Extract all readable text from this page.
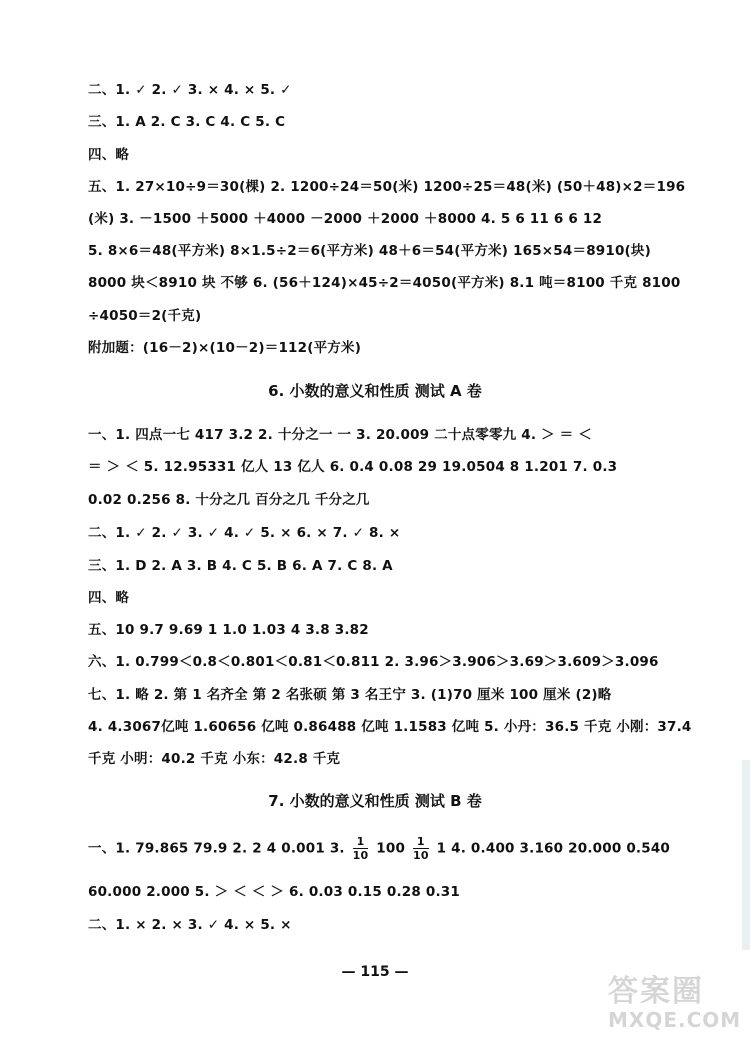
二、1. ✓ 2. ✓ 3. × 4. × 5. ✓
三、1. A 2. C 3. C 4. C 5. C
四、略
五、1. 27×10÷9＝30(棵) 2. 1200÷24＝50(米) 1200÷25＝48(米) (50＋48)×2＝196
(米) 3. －1500 ＋5000 ＋4000 －2000 ＋2000 ＋8000 4. 5 6 11 6 6 12
5. 8×6＝48(平方米) 8×1.5÷2＝6(平方米) 48＋6＝54(平方米) 165×54＝8910(块)
8000 块＜8910 块 不够 6. (56＋124)×45÷2＝4050(平方米) 8.1 吨＝8100 千克 8100
÷4050＝2(千克)
附加题：(16－2)×(10－2)＝112(平方米)
6. 小数的意义和性质 测试 A 卷
一、1. 四点一七 417 3.2 2. 十分之一 一 3. 20.009 二十点零零九 4. ＞ ＝ ＜
＝ ＞ ＜ 5. 12.95331 亿人 13 亿人 6. 0.4 0.08 29 19.0504 8 1.201 7. 0.3
0.02 0.256 8. 十分之几 百分之几 千分之几
二、1. ✓ 2. ✓ 3. ✓ 4. ✓ 5. × 6. × 7. ✓ 8. ×
三、1. D 2. A 3. B 4. C 5. B 6. A 7. C 8. A
四、略
五、10 9.7 9.69 1 1.0 1.03 4 3.8 3.82
六、1. 0.799＜0.8＜0.801＜0.81＜0.811 2. 3.96＞3.906＞3.69＞3.609＞3.096
七、1. 略 2. 第 1 名齐全 第 2 名张硕 第 3 名王宁 3. (1)70 厘米 100 厘米 (2)略
4. 4.3067亿吨 1.60656 亿吨 0.86488 亿吨 1.1583 亿吨 5. 小丹：36.5 千克 小刚：37.4
千克 小明：40.2 千克 小东：42.8 千克
7. 小数的意义和性质 测试 B 卷
一、1. 79.865 79.9 2. 2 4 0.001 3. $\frac{1}{10} 100 \frac{1}{10} 1$ 4. 0.400 3.160 20.000 0.540
60.000 2.000 5. ＞ ＜ ＜ ＞ 6. 0.03 0.15 0.28 0.31
二、1. × 2. × 3. ✓ 4. × 5. ×
— 115 —
答案圈
MXQE.COM
